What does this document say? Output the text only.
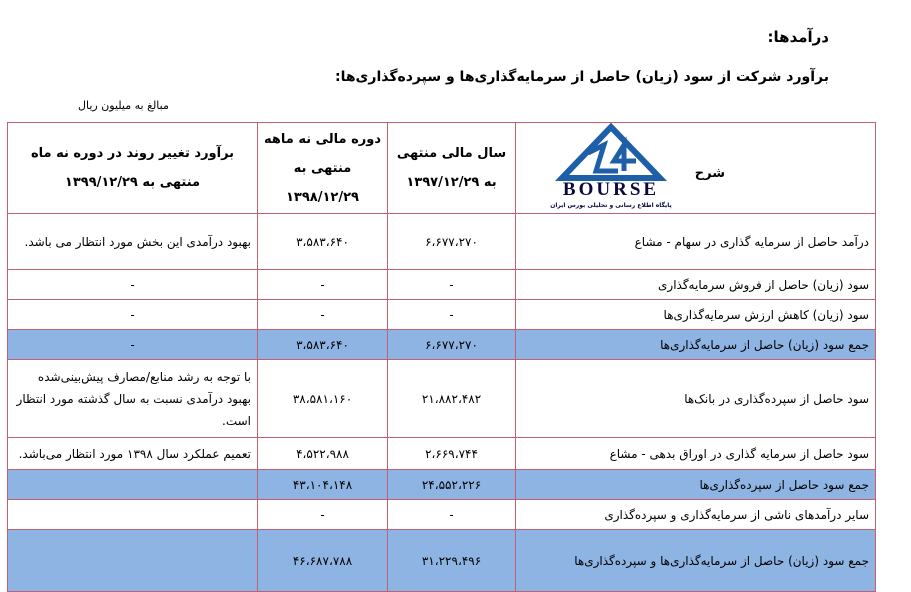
درآمدها:
برآورد شرکت از سود (زیان) حاصل از سرمایه‌گذاری‌ها و سپرده‌گذاری‌ها:
مبالغ به میلیون ریال
شرح
BOURSE
پایگاه اطلاع رسانی و تحلیلی بورس ایران	سال مالی منتهی به ۱۳۹۷/۱۲/۲۹	دوره مالی نه ماهه منتهی به ۱۳۹۸/۱۲/۲۹	برآورد تغییر روند در دوره نه ماه منتهی به ۱۳۹۹/۱۲/۲۹
درآمد حاصل از سرمایه گذاری در سهام - مشاع	۶،۶۷۷،۲۷۰	۳،۵۸۳،۶۴۰	بهبود درآمدی این بخش مورد انتظار می باشد.
سود (زیان) حاصل از فروش سرمایه‌گذاری	-	-	-
سود (زیان) کاهش ارزش سرمایه‌گذاری‌ها	-	-	-
جمع سود (زیان) حاصل از سرمایه‌گذاری‌ها	۶،۶۷۷،۲۷۰	۳،۵۸۳،۶۴۰	-
سود حاصل از سپرده‌گذاری در بانک‌ها	۲۱،۸۸۲،۴۸۲	۳۸،۵۸۱،۱۶۰	با توجه به رشد منابع/مصارف پیش‌بینی‌شده بهبود درآمدی نسبت به سال گذشته مورد انتظار است.
سود حاصل از سرمایه گذاری در اوراق بدهی - مشاع	۲،۶۶۹،۷۴۴	۴،۵۲۲،۹۸۸	تعمیم عملکرد سال ۱۳۹۸ مورد انتظار می‌باشد.
جمع سود حاصل از سپرده‌گذاری‌ها	۲۴،۵۵۲،۲۲۶	۴۳،۱۰۴،۱۴۸	
سایر درآمدهای ناشی از سرمایه‌گذاری و سپرده‌گذاری	-	-	
جمع سود (زیان) حاصل از سرمایه‌گذاری‌ها و سپرده‌گذاری‌ها	۳۱،۲۲۹،۴۹۶	۴۶،۶۸۷،۷۸۸	
